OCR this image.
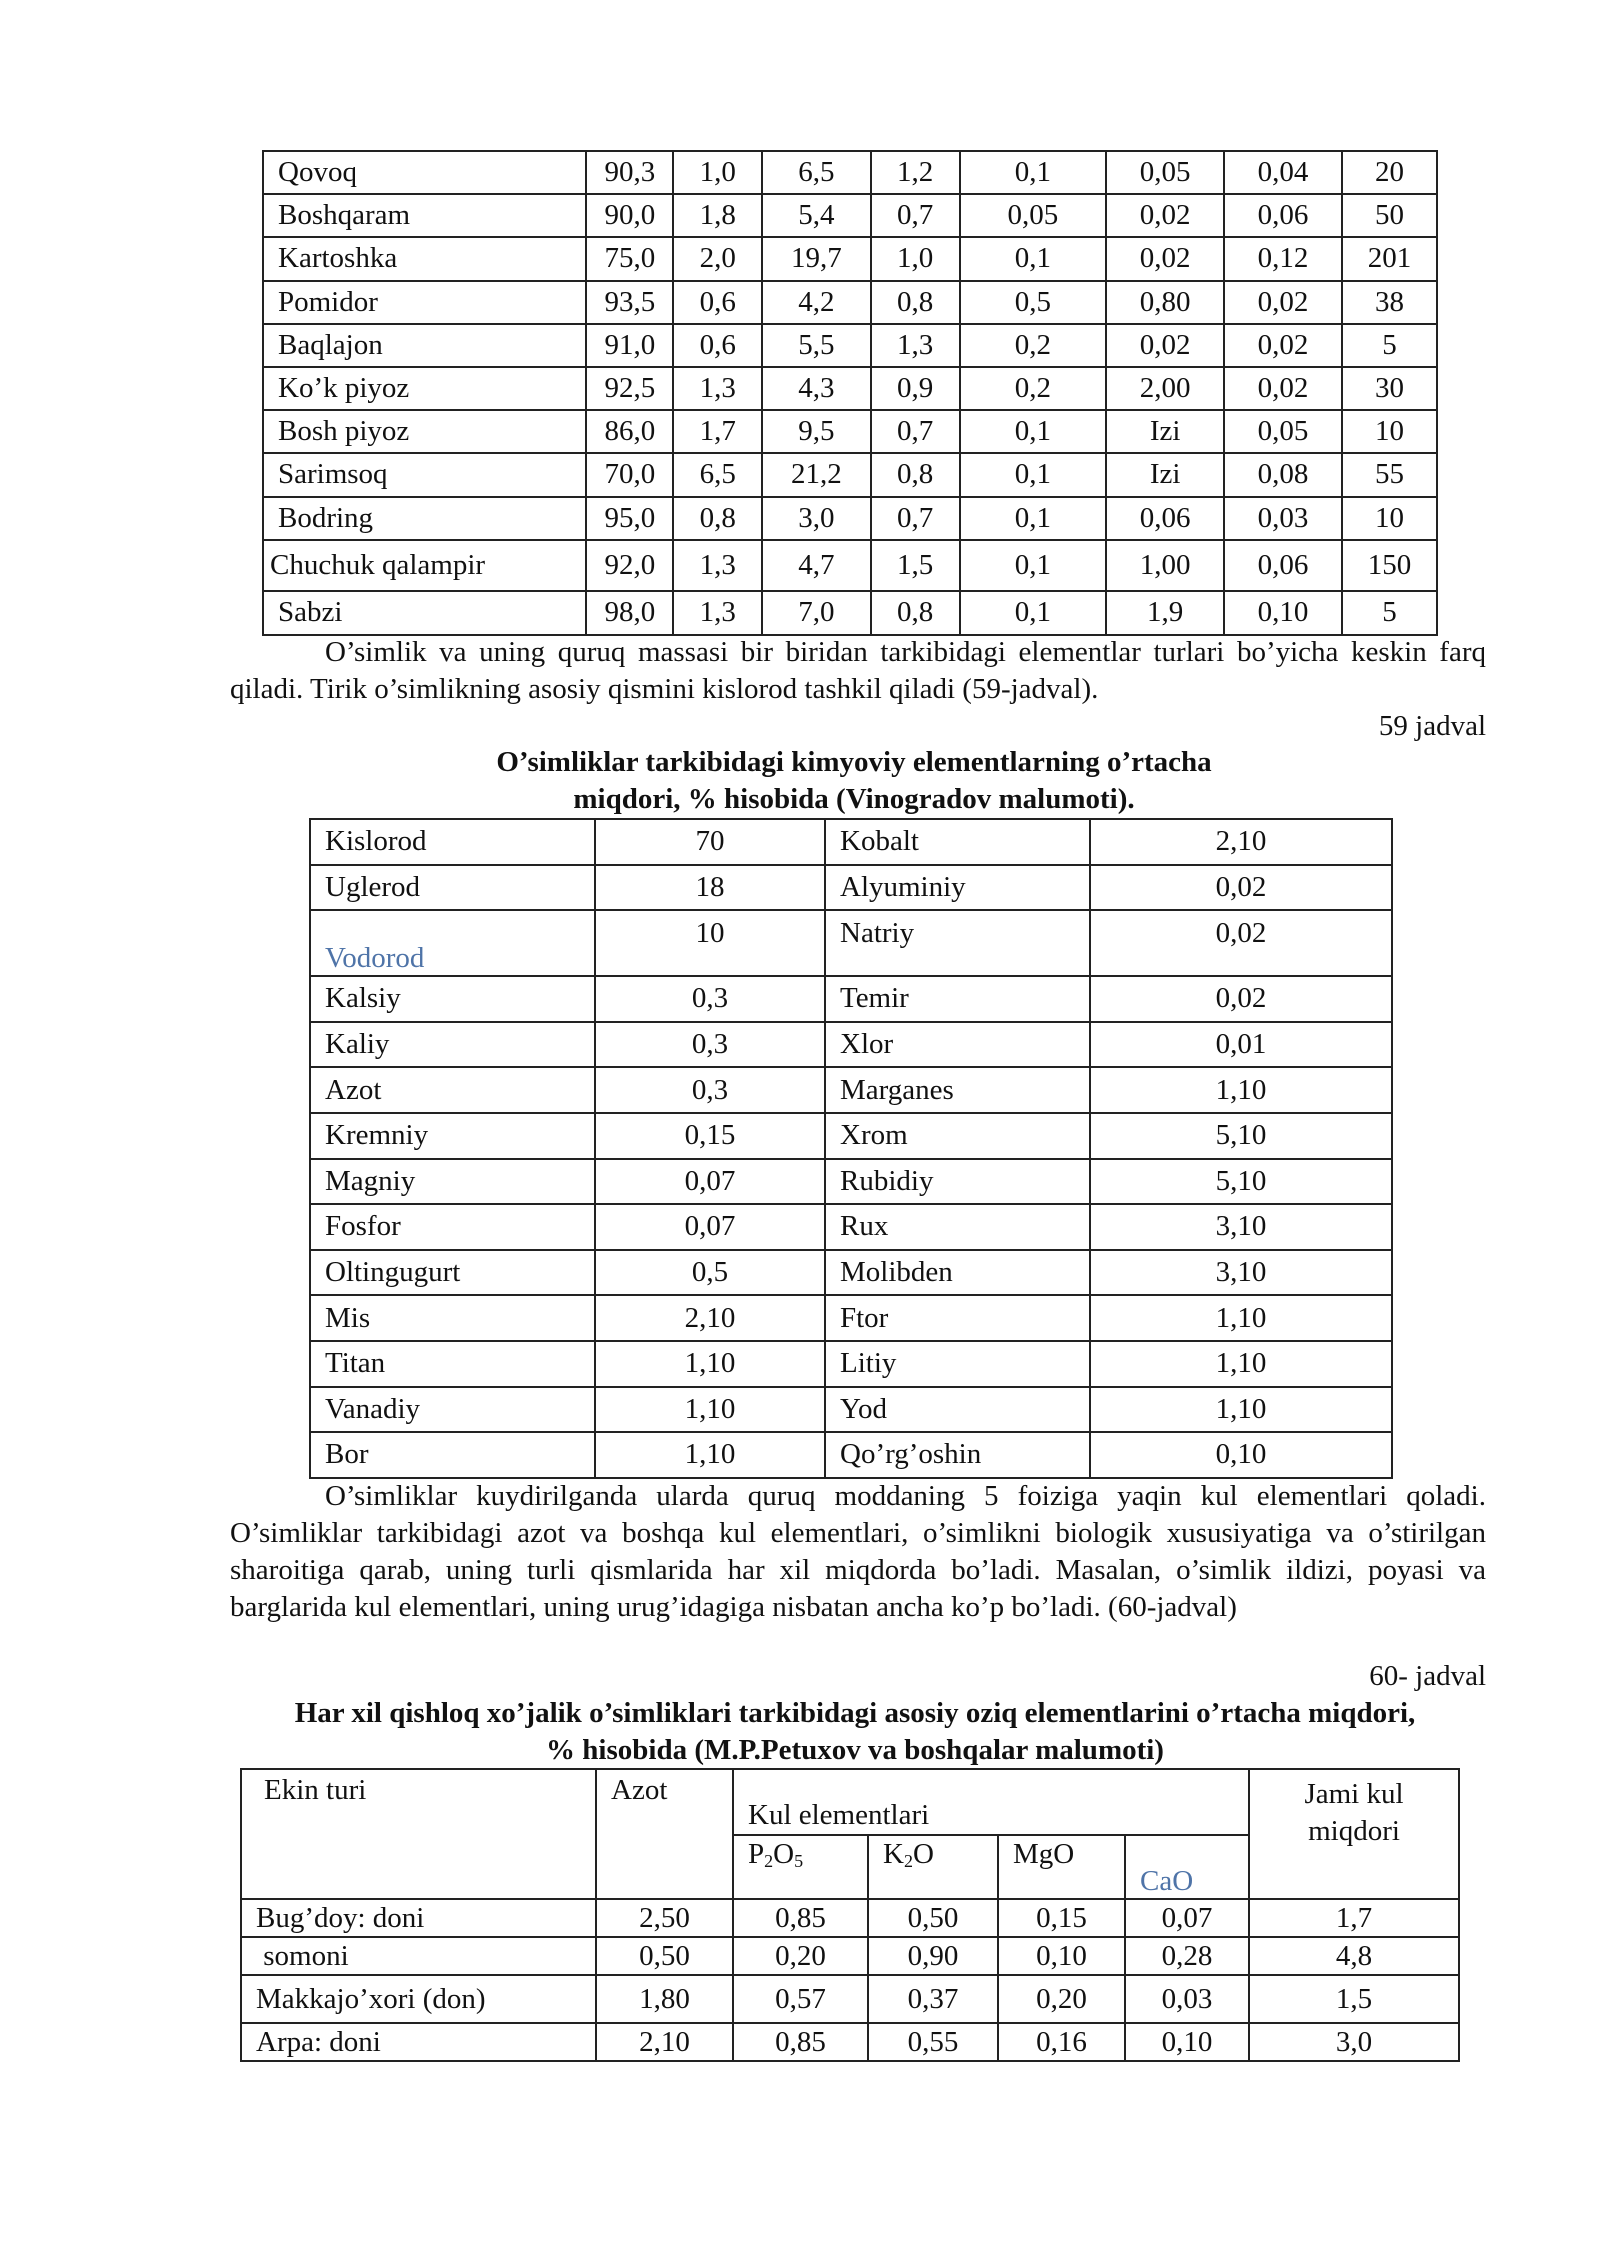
Qovoq	90,3	1,0	6,5	1,2	0,1	0,05	0,04	20
Boshqaram	90,0	1,8	5,4	0,7	0,05	0,02	0,06	50
Kartoshka	75,0	2,0	19,7	1,0	0,1	0,02	0,12	201
Pomidor	93,5	0,6	4,2	0,8	0,5	0,80	0,02	38
Baqlajon	91,0	0,6	5,5	1,3	0,2	0,02	0,02	5
Ko’k piyoz	92,5	1,3	4,3	0,9	0,2	2,00	0,02	30
Bosh piyoz	86,0	1,7	9,5	0,7	0,1	Izi	0,05	10
Sarimsoq	70,0	6,5	21,2	0,8	0,1	Izi	0,08	55
Bodring	95,0	0,8	3,0	0,7	0,1	0,06	0,03	10
Chuchuk qalampir	92,0	1,3	4,7	1,5	0,1	1,00	0,06	150
Sabzi	98,0	1,3	7,0	0,8	0,1	1,9	0,10	5
O’simlik va uning quruq massasi bir biridan tarkibidagi elementlar turlari bo’yicha keskin farq qiladi. Tirik o’simlikning asosiy qismini kislorod tashkil qiladi (59-jadval).
59 jadval
O’simliklar tarkibidagi kimyoviy elementlarning o’rtacha
miqdori, % hisobida (Vinogradov malumoti).
Kislorod	70	Kobalt	2,10
Uglerod	18	Alyuminiy	0,02
Vodorod	10	Natriy	0,02
Kalsiy	0,3	Temir	0,02
Kaliy	0,3	Xlor	0,01
Azot	0,3	Marganes	1,10
Kremniy	0,15	Xrom	5,10
Magniy	0,07	Rubidiy	5,10
Fosfor	0,07	Rux	3,10
Oltingugurt	0,5	Molibden	3,10
Mis	2,10	Ftor	1,10
Titan	1,10	Litiy	1,10
Vanadiy	1,10	Yod	1,10
Bor	1,10	Qo’rg’oshin	0,10
O’simliklar kuydirilganda ularda quruq moddaning 5 foiziga yaqin kul elementlari qoladi. O’simliklar tarkibidagi azot va boshqa kul elementlari, o’simlikni biologik xususiyatiga va o’stirilgan sharoitiga qarab, uning turli qismlarida har xil miqdorda bo’ladi. Masalan, o’simlik ildizi, poyasi va barglarida kul elementlari, uning urug’idagiga nisbatan ancha ko’p bo’ladi. (60-jadval)
60- jadval
Har xil qishloq xo’jalik o’simliklari tarkibidagi asosiy oziq elementlarini o’rtacha miqdori,
% hisobida (M.P.Petuxov va boshqalar malumoti)
Ekin turi	Azot	Kul elementlari				Jami kul
miqdori

		$P_2O_5$	$K_2O$	MgO	CaO	
Bug’doy: doni	2,50	0,85	0,50	0,15	0,07	1,7
somoni	0,50	0,20	0,90	0,10	0,28	4,8
Makkajo’xori (don)	1,80	0,57	0,37	0,20	0,03	1,5
Arpa: doni	2,10	0,85	0,55	0,16	0,10	3,0
